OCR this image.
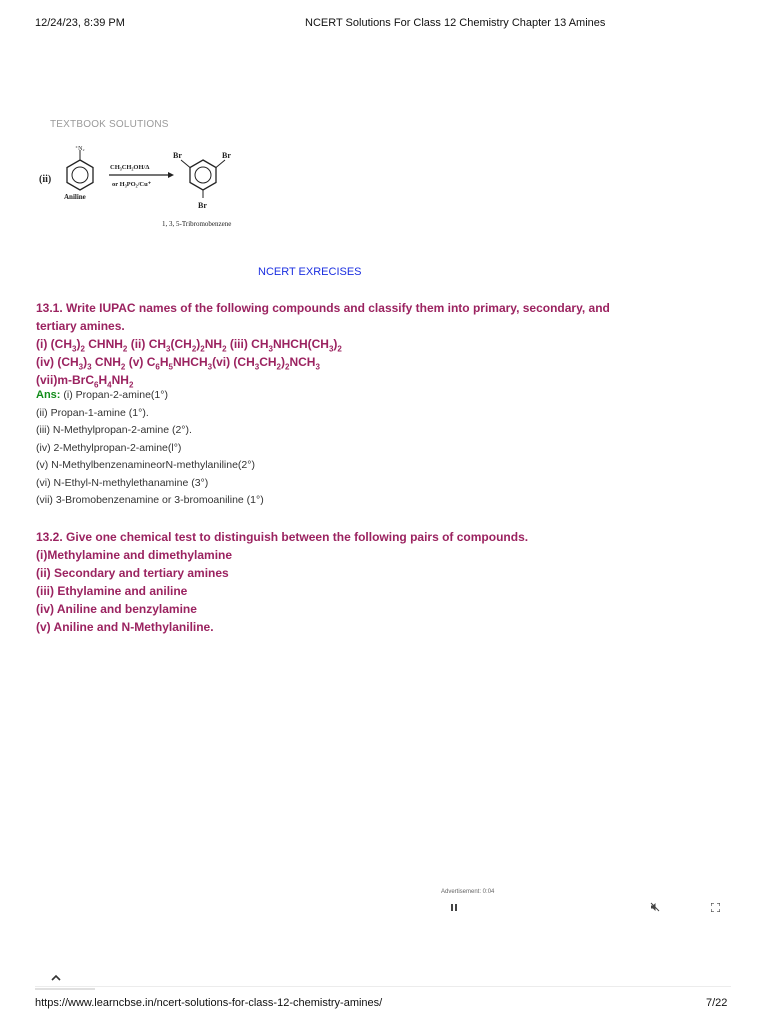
12/24/23, 8:39 PM	NCERT Solutions For Class 12 Chemistry Chapter 13 Amines
TEXTBOOK SOLUTIONS
⁺N₂
(ii)
Aniline
CH₃CH₂OH/Δ
or H₃PO₂/Cu⁺
Br	Br
Br
1, 3, 5-Tribromobenzene
NCERT EXRECISES
13.1. Write IUPAC names of the following compounds and classify them into primary, secondary, and
tertiary amines.
(i) $(CH_3)_2$ $CHNH_2$ (ii) $CH_3(CH_2)_2NH_2$ (iii) $CH_3NHCH(CH_3)_2$
(iv) $(CH_3)_3$ $CNH_2$ (v) $C_6H_5NHCH_3(vi)$ $(CH_3CH_2)_2NCH_3$
$(vii)m-BrC_6H_4NH_2$
Ans: (i) Propan-2-amine(1°)
(ii) Propan-1-amine (1°).
(iii) N-Methylpropan-2-amine (2°).
(iv) 2-Methylpropan-2-amine(l°)
(v) N-MethylbenzenamineorN-methylaniline(2°)
(vi) N-Ethyl-N-methylethanamine (3°)
(vii) 3-Bromobenzenamine or 3-bromoaniline (1°)
13.2. Give one chemical test to distinguish between the following pairs of compounds.
(i)Methylamine and dimethylamine
(ii) Secondary and tertiary amines
(iii) Ethylamine and aniline
(iv) Aniline and benzylamine
(v) Aniline and N-Methylaniline.
Advertisement: 0:04
https://www.learncbse.in/ncert-solutions-for-class-12-chemistry-amines/	7/22
